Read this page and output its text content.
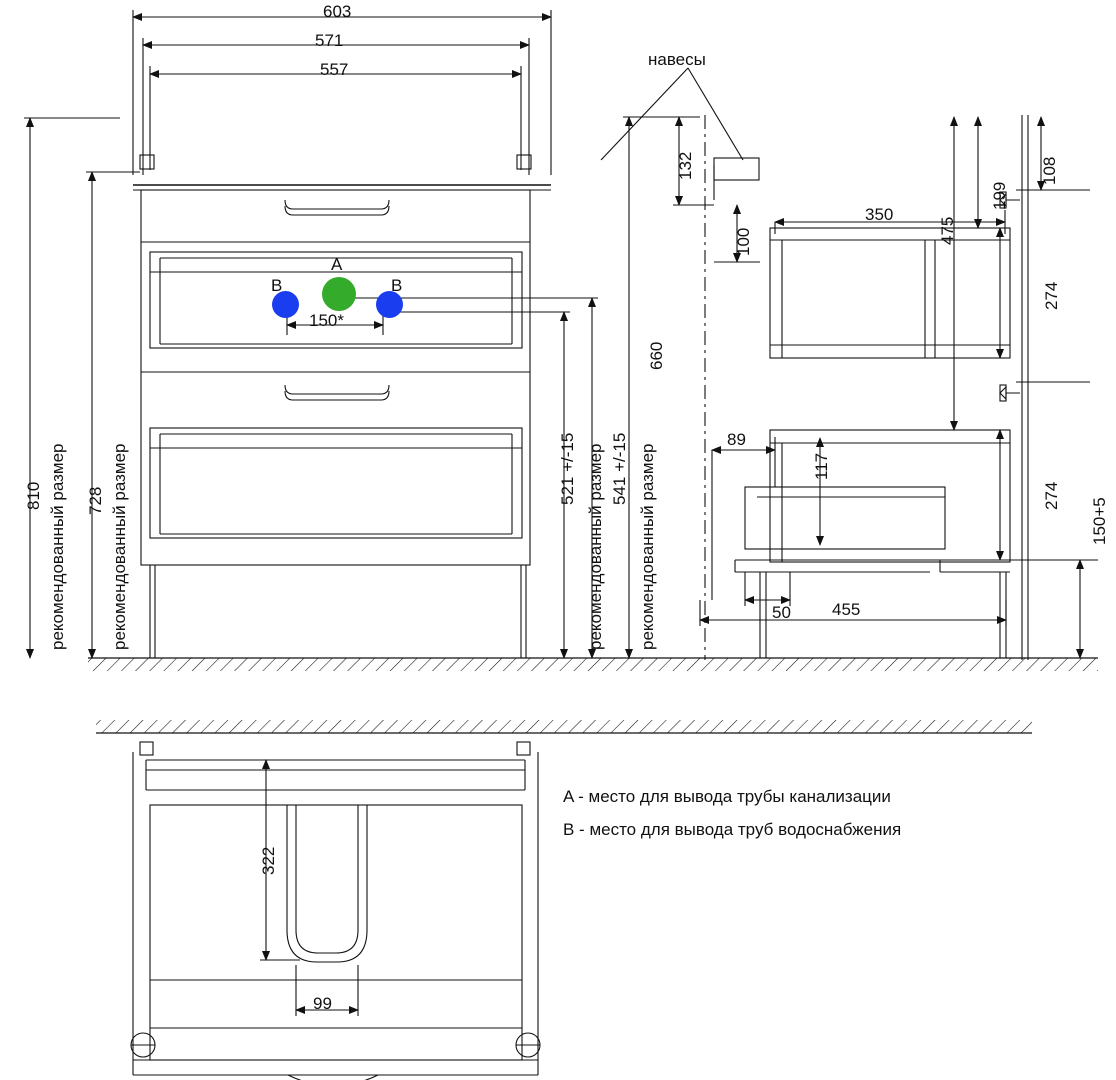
603
571
557
навесы
A
B	B
150*
810 рекомендованный размер 728 рекомендованный размер	521 +/-15 рекомендованный размер 541 +/-15 рекомендованный размер
660
132
100
350
475
199
108
274
274
150+5
89
117
50 455
322
99
A - место для вывода трубы канализации
B - место для вывода труб водоснабжения
